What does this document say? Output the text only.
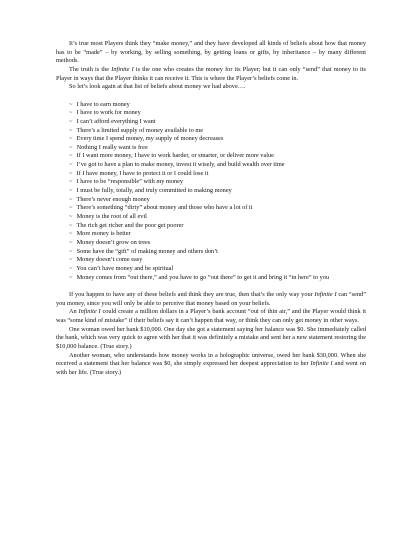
It’s true most Players think they “make money,” and they have developed all kinds of beliefs about how that money has to be “made” – by working, by selling something, by getting loans or gifts, by inheritance – by many different methods.

The truth is the Infinite I is the one who creates the money for its Player; but it can only “send” that money to its Player in ways that the Player thinks it can receive it. This is where the Player’s beliefs come in.

So let’s look again at that list of beliefs about money we had above….

~ I have to earn money
~ I have to work for money
~ I can’t afford everything I want
~ There’s a limited supply of money available to me
~ Every time I spend money, my supply of money decreases
~ Nothing I really want is free
~ If I want more money, I have to work harder, or smarter, or deliver more value
~ I’ve got to have a plan to make money, invest it wisely, and build wealth over time
~ If I have money, I have to protect it or I could lose it
~ I have to be “responsible” with my money
~ I must be fully, totally, and truly committed to making money
~ There’s never enough money
~ There’s something “dirty” about money and those who have a lot of it
~ Money is the root of all evil
~ The rich get richer and the poor get poorer
~ More money is better
~ Money doesn’t grow on trees
~ Some have the “gift” of making money and others don’t
~ Money doesn’t come easy
~ You can’t have money and be spiritual
~ Money comes from “out there,” and you have to go “out there” to get it and bring it “in here” to you

If you happen to have any of these beliefs and think they are true, then that’s the only way your Infinite I can “send” you money, since you will only be able to perceive that money based on your beliefs.

An Infinite I could create a million dollars in a Player’s bank account “out of thin air,” and the Player would think it was “some kind of mistake” if their beliefs say it can’t happen that way, or think they can only get money in other ways.

One woman owed her bank $10,000. One day she got a statement saying her balance was $0. She immediately called the bank, which was very quick to agree with her that it was definitely a mistake and sent her a new statement restoring the $10,000 balance. (True story.)

Another woman, who understands how money works in a holographic universe, owed her bank $30,000. When she received a statement that her balance was $0, she simply expressed her deepest appreciation to her Infinite I and went on with her life. (True story.)
